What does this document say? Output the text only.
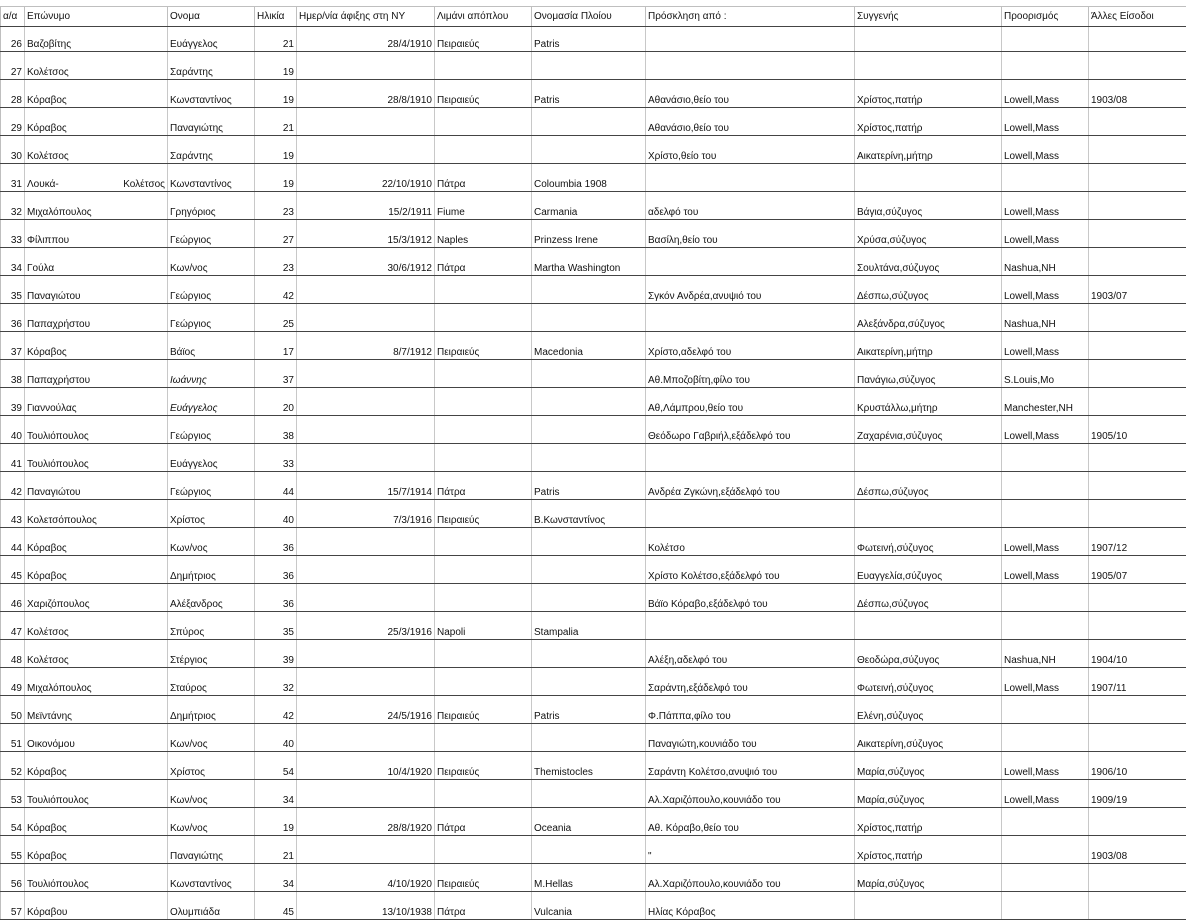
α/α	Επώνυμο	Ονομα	Ηλικία	Ημερ/νία άφιξης στη ΝΥ	Λιμάνι απόπλου	Ονομασία Πλοίου	Πρόσκληση από :	Συγγενής	Προορισμός	Άλλες Είσοδοι
26	Βαζοβίτης	Ευάγγελος	21	28/4/1910	Πειραιεύς	Patris				
27	Κολέτσος	Σαράντης	19							
28	Κόραβος	Κωνσταντίνος	19	28/8/1910	Πειραιεύς	Patris	Αθανάσιο,θείο του	Χρίστος,πατήρ	Lowell,Mass	1903/08
29	Κόραβος	Παναγιώτης	21				Αθανάσιο,θείο του	Χρίστος,πατήρ	Lowell,Mass	
30	Κολέτσος	Σαράντης	19				Χρίστο,θείο του	Αικατερίνη,μήτηρ	Lowell,Mass	
31	Λουκά- Κολέτσος	Κωνσταντίνος	19	22/10/1910	Πάτρα	Coloumbia 1908				
32	Μιχαλόπουλος	Γρηγόριος	23	15/2/1911	Fiume	Carmania	αδελφό του	Βάγια,σύζυγος	Lowell,Mass	
33	Φίλιππου	Γεώργιος	27	15/3/1912	Naples	Prinzess Irene	Βασίλη,θείο του	Χρύσα,σύζυγος	Lowell,Mass	
34	Γούλα	Κων/νος	23	30/6/1912	Πάτρα	Martha Washington		Σουλτάνα,σύζυγος	Nashua,NH	
35	Παναγιώτου	Γεώργιος	42				Σγκόν Ανδρέα,ανυψιό του	Δέσπω,σύζυγος	Lowell,Mass	1903/07
36	Παπαχρήστου	Γεώργιος	25					Αλεξάνδρα,σύζυγος	Nashua,NH	
37	Κόραβος	Βάϊος	17	8/7/1912	Πειραιεύς	Macedonia	Χρίστο,αδελφό του	Αικατερίνη,μήτηρ	Lowell,Mass	
38	Παπαχρήστου	Ιωάννης	37				Αθ.Μποζοβίτη,φίλο του	Πανάγιω,σύζυγος	S.Louis,Mo	
39	Γιαννούλας	Ευάγγελος	20				Αθ,Λάμπρου,θείο του	Κρυστάλλω,μήτηρ	Manchester,NH	
40	Τουλιόπουλος	Γεώργιος	38				Θεόδωρο Γαβριήλ,εξάδελφό του	Ζαχαρένια,σύζυγος	Lowell,Mass	1905/10
41	Τουλιόπουλος	Ευάγγελος	33							
42	Παναγιώτου	Γεώργιος	44	15/7/1914	Πάτρα	Patris	Ανδρέα Ζγκώνη,εξάδελφό του	Δέσπω,σύζυγος		
43	Κολετσόπουλος	Χρίστος	40	7/3/1916	Πειραιεύς	Β.Κωνσταντίνος				
44	Κόραβος	Κων/νος	36				Κολέτσο	Φωτεινή,σύζυγος	Lowell,Mass	1907/12
45	Κόραβος	Δημήτριος	36				Χρίστο Κολέτσο,εξάδελφό του	Ευαγγελία,σύζυγος	Lowell,Mass	1905/07
46	Χαριζόπουλος	Αλέξανδρος	36				Βάϊο Κόραβο,εξάδελφό του	Δέσπω,σύζυγος		
47	Κολέτσος	Σπύρος	35	25/3/1916	Napoli	Stampalia				
48	Κολέτσος	Στέργιος	39				Αλέξη,αδελφό του	Θεοδώρα,σύζυγος	Nashua,NH	1904/10
49	Μιχαλόπουλος	Σταύρος	32				Σαράντη,εξάδελφό του	Φωτεινή,σύζυγος	Lowell,Mass	1907/11
50	Μεϊντάνης	Δημήτριος	42	24/5/1916	Πειραιεύς	Patris	Φ.Πάππα,φίλο του	Ελένη,σύζυγος		
51	Οικονόμου	Κων/νος	40				Παναγιώτη,κουνιάδο του	Αικατερίνη,σύζυγος		
52	Κόραβος	Χρίστος	54	10/4/1920	Πειραιεύς	Themistocles	Σαράντη Κολέτσο,ανυψιό του	Μαρία,σύζυγος	Lowell,Mass	1906/10
53	Τουλιόπουλος	Κων/νος	34				Αλ.Χαριζόπουλο,κουνιάδο του	Μαρία,σύζυγος	Lowell,Mass	1909/19
54	Κόραβος	Κων/νος	19	28/8/1920	Πάτρα	Oceania	Αθ. Κόραβο,θείο του	Χρίστος,πατήρ		
55	Κόραβος	Παναγιώτης	21				"	Χρίστος,πατήρ		1903/08
56	Τουλιόπουλος	Κωνσταντίνος	34	4/10/1920	Πειραιεύς	M.Hellas	Αλ.Χαριζόπουλο,κουνιάδο του	Μαρία,σύζυγος		
57	Κόραβου	Ολυμπιάδα	45	13/10/1938	Πάτρα	Vulcania	Ηλίας Κόραβος			
